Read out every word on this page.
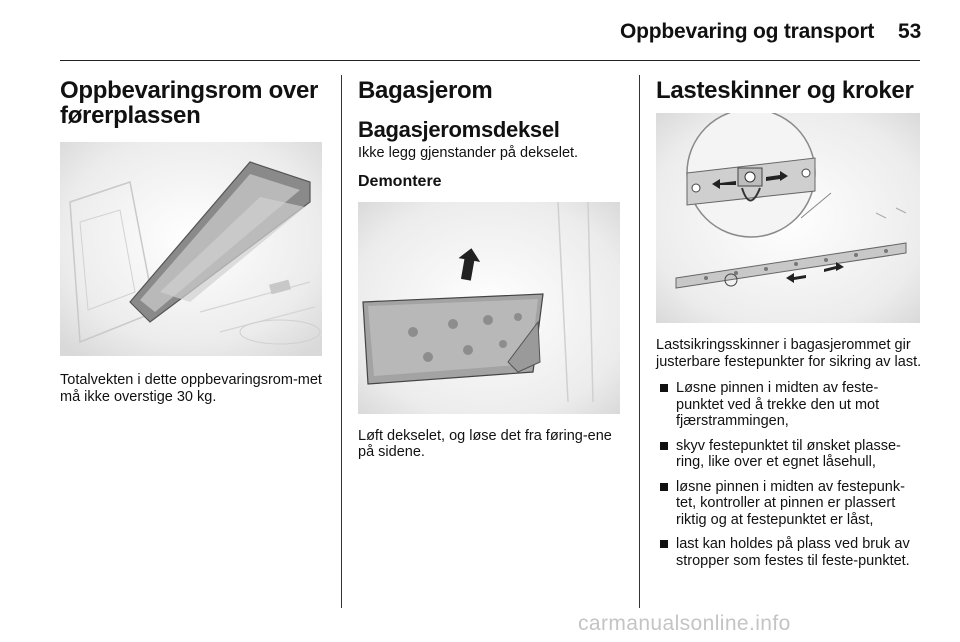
Oppbevaring og transport 53
Oppbevaringsrom over førerplassen

Totalvekten i dette oppbevaringsrom-met må ikke overstige 30 kg.

Bagasjerom
Bagasjeromsdeksel

Ikke legg gjenstander på dekselet.

Demontere

Løft dekselet, og løse det fra føring-ene på sidene.

Lasteskinner og kroker

Lastsikringsskinner i bagasjerommet gir justerbare festepunkter for sikring av last.

Løsne pinnen i midten av feste-punktet ved å trekke den ut mot fjærstrammingen,
skyv festepunktet til ønsket plasse-ring, like over et egnet låsehull,
løsne pinnen i midten av festepunk-tet, kontroller at pinnen er plassert riktig og at festepunktet er låst,
last kan holdes på plass ved bruk av stropper som festes til feste-punktet.
carmanualsonline.info
